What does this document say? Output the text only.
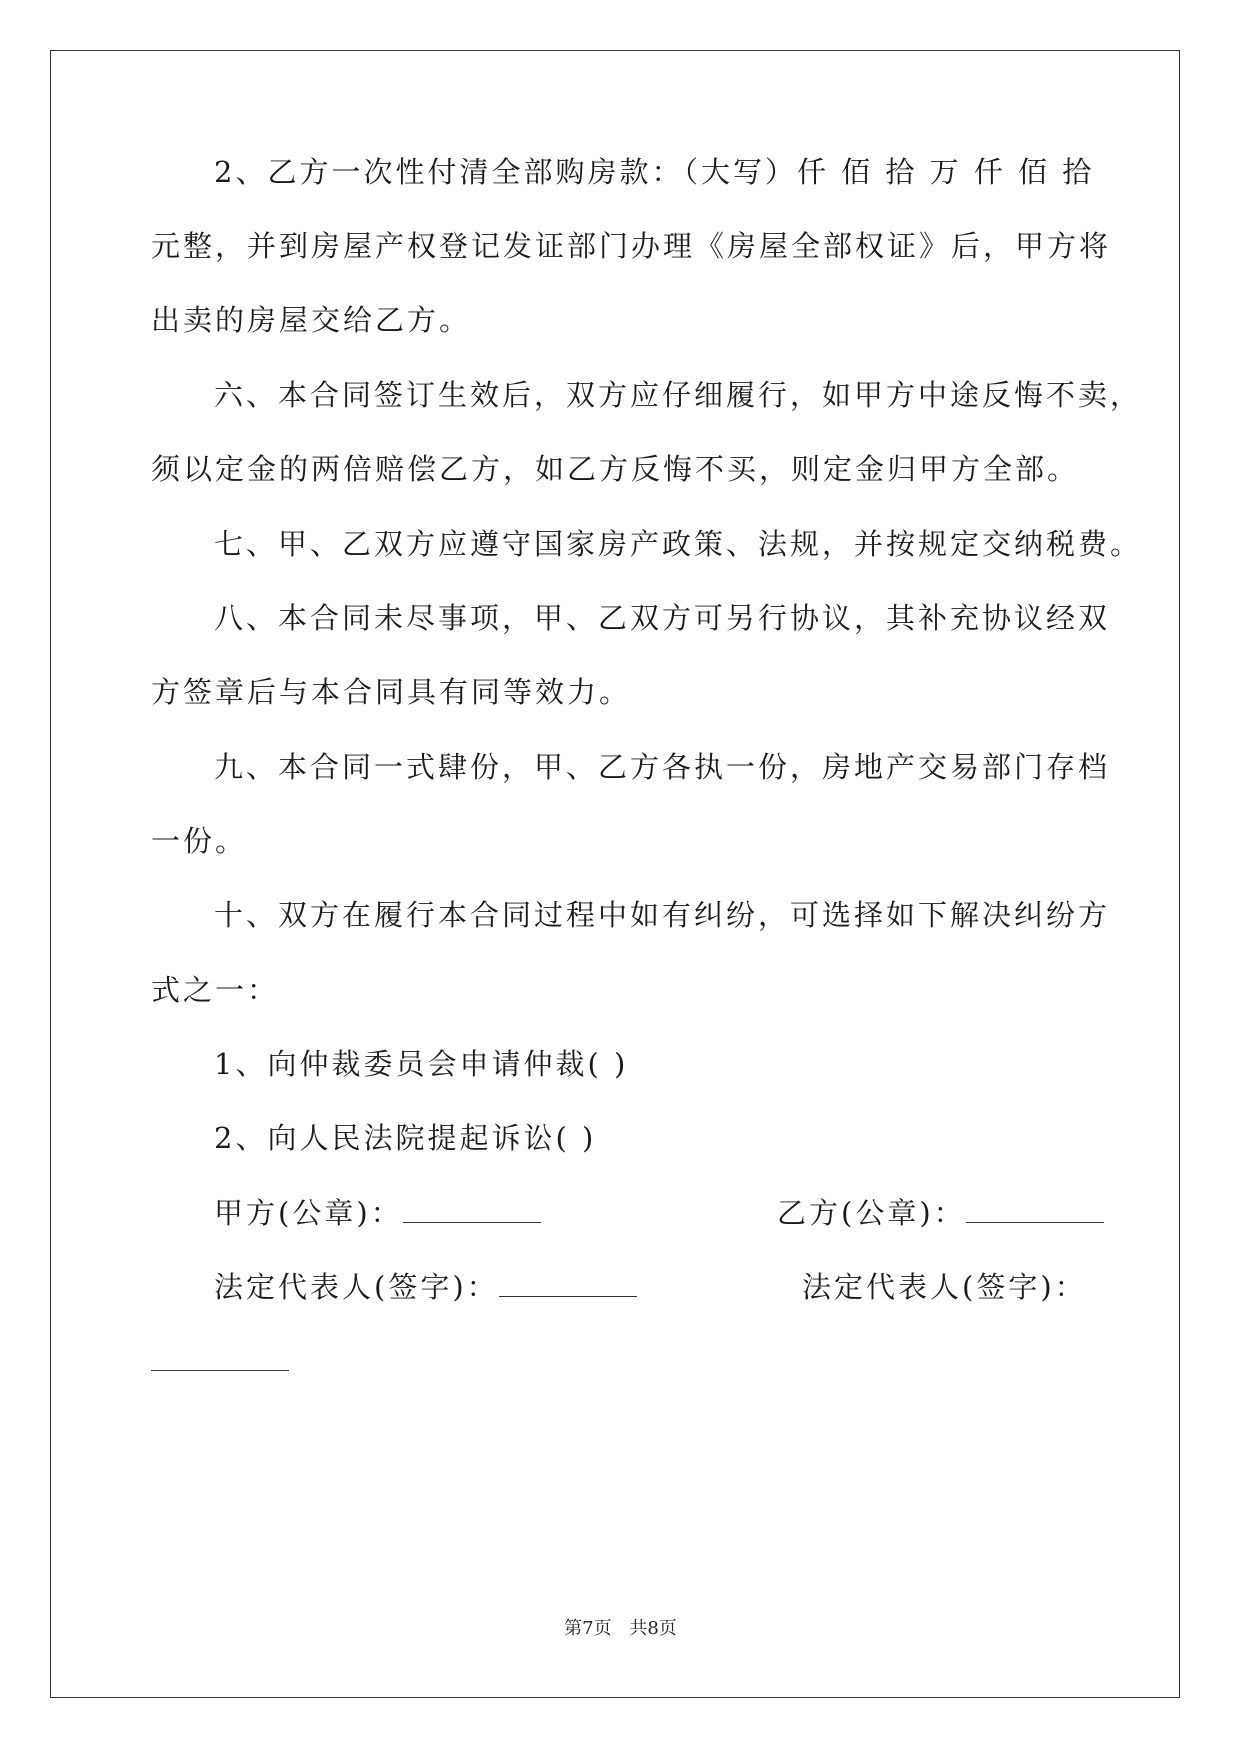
2、乙方一次性付清全部购房款：（大写）仟 佰 拾 万 仟 佰 拾
元整，并到房屋产权登记发证部门办理《房屋全部权证》后，甲方将
出卖的房屋交给乙方。
六、本合同签订生效后，双方应仔细履行，如甲方中途反悔不卖，
须以定金的两倍赔偿乙方，如乙方反悔不买，则定金归甲方全部。
七、甲、乙双方应遵守国家房产政策、法规，并按规定交纳税费。
八、本合同未尽事项，甲、乙双方可另行协议，其补充协议经双
方签章后与本合同具有同等效力。
九、本合同一式肆份，甲、乙方各执一份，房地产交易部门存档
一份。
十、双方在履行本合同过程中如有纠纷，可选择如下解决纠纷方
式之一：
1、向仲裁委员会申请仲裁( )
2、向人民法院提起诉讼( )
甲方(公章)：	乙方(公章)：
法定代表人(签字)：	法定代表人(签字)：
第7页 共8页
